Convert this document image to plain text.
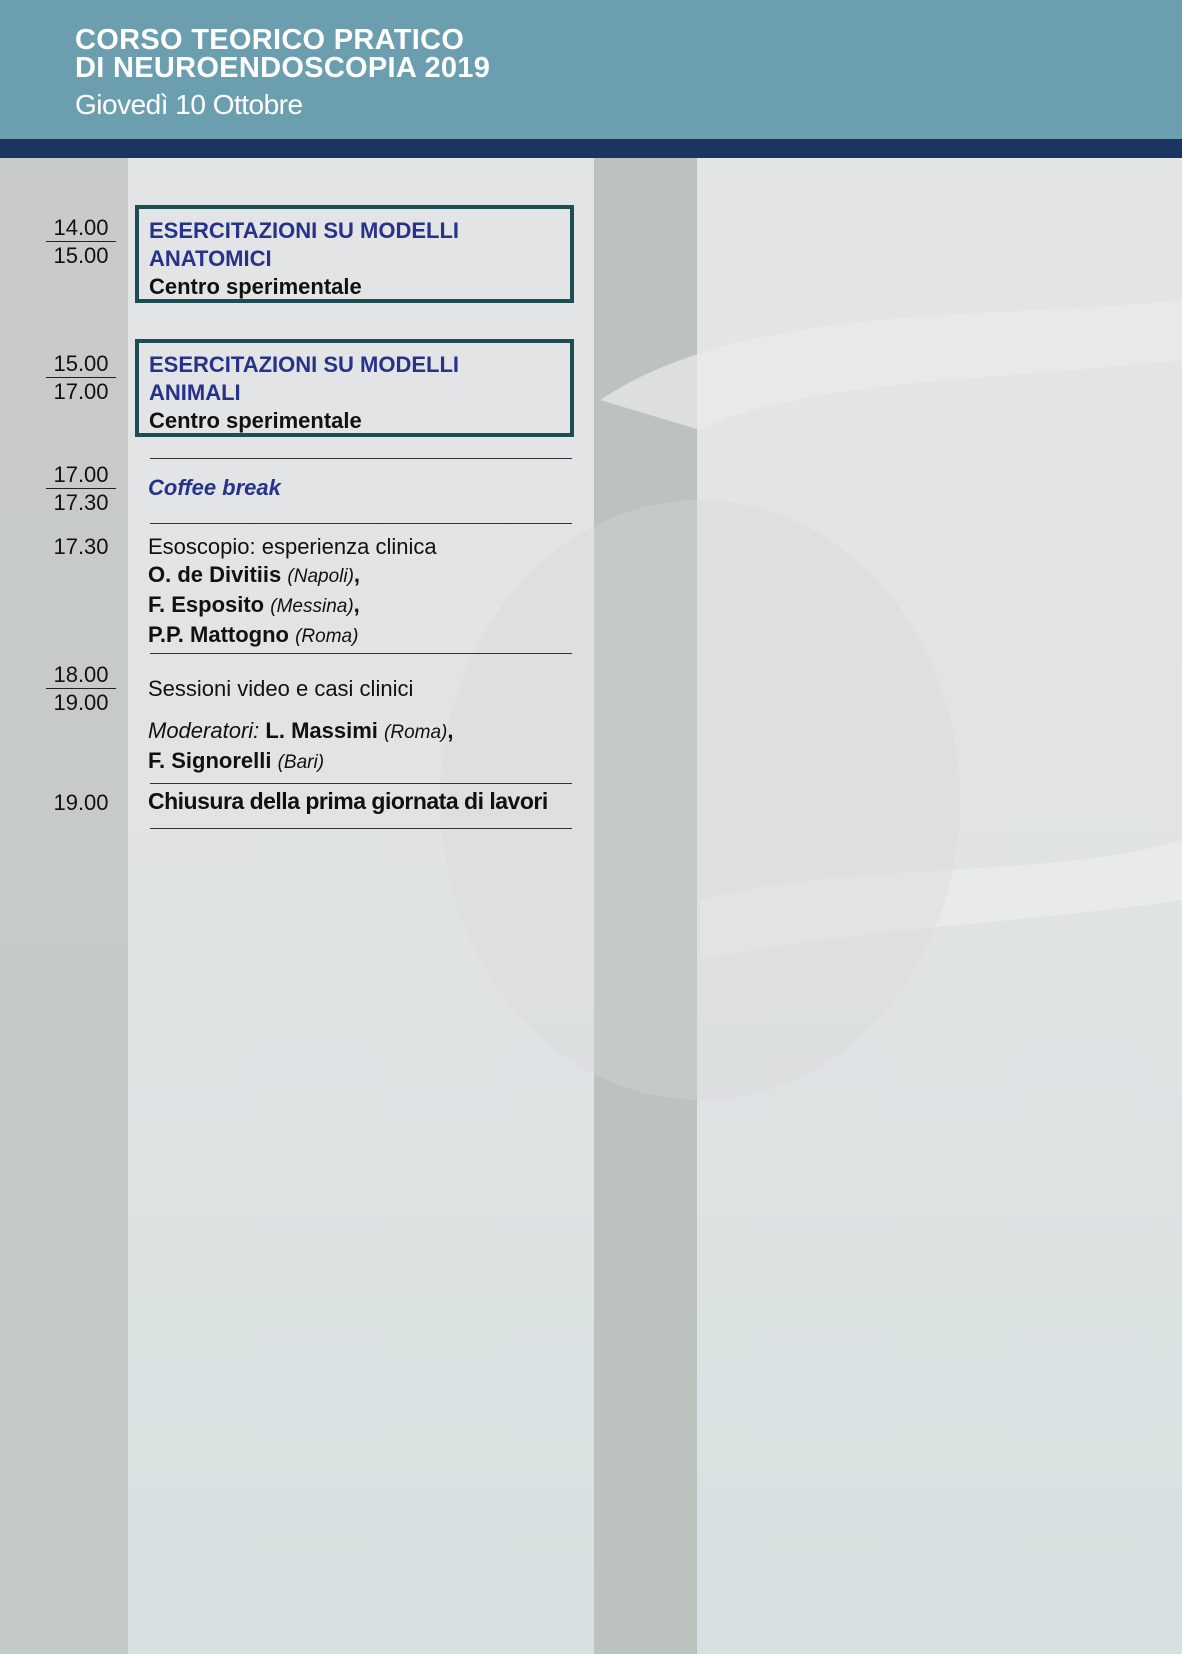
CORSO TEORICO PRATICO
DI NEUROENDOSCOPIA 2019
Giovedì 10 Ottobre
14.00
15.00
ESERCITAZIONI SU MODELLI
ANATOMICI
Centro sperimentale
15.00
17.00
ESERCITAZIONI SU MODELLI
ANIMALI
Centro sperimentale
17.00
17.30
Coffee break
17.30	Esoscopio: esperienza clinica
O. de Divitiis (Napoli),
F. Esposito (Messina),
P.P. Mattogno (Roma)
18.00
19.00
Sessioni video e casi clinici
Moderatori: L. Massimi (Roma),
F. Signorelli (Bari)
19.00	Chiusura della prima giornata di lavori
